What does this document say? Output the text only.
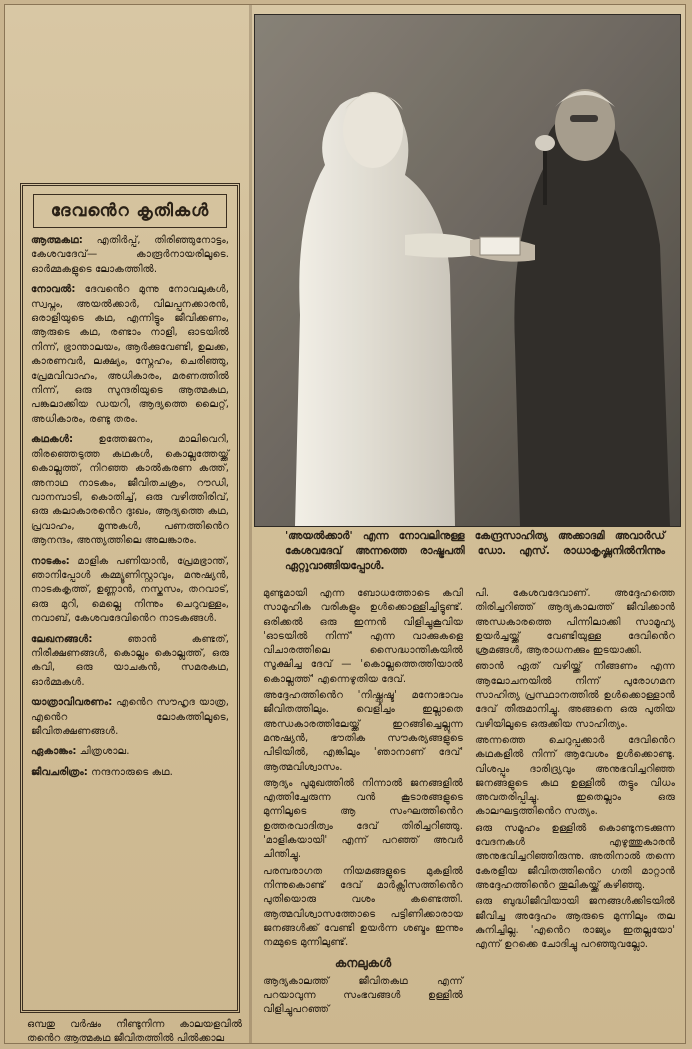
ദേവൻെറ കൃതികൾ

ആത്മകഥ: എതിർപ്പ്, തിരിഞ്ഞുനോട്ടം, കേശവദേവ്— കാരൂർനായരിലൂടെ. ഓർമ്മകളുടെ ലോകത്തിൽ.

നോവൽ: ദേവൻെറ മുന്നു നോവലുകൾ, സ്വപ്നം, അയൽക്കാർ, വിലപ്പനക്കാരൻ, ഒരാളിയുടെ കഥ, എന്നിട്ടും ജീവിക്കണം, ആരുടെ കഥ, രണ്ടാം നാളി, ഓടയിൽ നിന്ന്, ഭ്രാന്താലയം, ആർക്കുവേണ്ടി, ഉലക്ക, കാരണവർ, ലക്ഷ്യം, സ്നേഹം, ചെരിഞ്ഞു, പ്രേമവിവാഹം, അധികാരം, മരണത്തിൽ നിന്ന്, ഒരു സുന്ദരിയുടെ ആത്മകഥ, പങ്കലാക്കിയ ഡയറി, ആദ്യത്തെ ലൈറ്റ്, അധികാരം, രണ്ടു തരം.

കഥകൾ: ഉത്തേജനം, മാലിവെറി, തിരഞ്ഞെടുത്ത കഥകൾ, കൊല്ലത്തേയ്ക്ക് കൊല്ലത്ത്, നിറഞ്ഞ കാൽകരണ കത്ത്, അനാഥ നാടകം, ജീവിതചക്രം, റൗഡി, വാനമ്പാടി, കൊതിച്ച്, ഒരു വഴിത്തിരിവ്, ഒരു കലാകാരൻെറ ദുഃഖം, ആദ്യത്തെ കഥ, പ്രവാഹം, മൂന്നുകൾ, പണത്തിൻെറ ആനന്ദം, അന്ത്യത്തിലെ അലങ്കാരം.

നാടകം: മാളിക പണിയാൻ, പ്രേമഭ്രാന്ത്, ഞാനിപ്പോൾ കമ്മ്യൂണിസ്റ്റാവും, മനുഷ്യൻ, നാടകകൃത്ത്, ഉണ്ണാൻ, നസ്കസം, തറവാട്, ഒരു മുറി, മെല്ലെ നിന്നും ചെറുവള്ളം, നവാബ്, കേശവദേവിൻെറ നാടകങ്ങൾ.

ലേഖനങ്ങൾ:	ഞാൻ കണ്ടത്, നിരീക്ഷണങ്ങൾ, കൊല്ലം കൊല്ലത്ത്, ഒരു കവി, ഒരു യാചകൻ, സമരകഥ, ഓർമ്മകൾ.

യാത്രാവിവരണം: എൻെറ സൗഹൃദ യാത്ര, എൻെറ ലോകത്തിലൂടെ, ജീവിതക്ഷണങ്ങൾ.

ഏകാങ്കം: ചിത്രശാല.

ജീവചരിത്രം: നന്ദനാരുടെ കഥ.

ഒമ്പതു വർഷം നീണ്ടുനിന്ന കാലയളവിൽ തൻെറ ആത്മകഥ ജീവിതത്തിൽ പിൽക്കാല
'അയൽക്കാർ' എന്ന നോവലിനുള്ള കേന്ദ്രസാഹിത്യ അക്കാദമി അവാർഡ് കേശവദേവ് അന്നത്തെ രാഷ്ട്രപതി ഡോ. എസ്. രാധാകൃഷ്ണനിൽനിന്നും ഏറ്റുവാങ്ങിയപ്പോൾ.

മുണ്ടുമായി എന്ന ബോധത്തോടെ കവി സാമൂഹിക വരികളും ഉൾക്കൊള്ളിച്ചിട്ടുണ്ട്. ഒരിക്കൽ ഒരു ഇന്നൻ വിളിച്ചുകൂവിയ 'ഓടയിൽ നിന്ന്' എന്ന വാക്കുകളെ വിചാരത്തിലെ സൈദ്ധാന്തികയിൽ സൂക്ഷിച്ച ദേവ് — 'കൊല്ലത്തെത്തിയാൽ കൊല്ലത്ത്' എന്നെഴുതിയ ദേവ്.

അദ്ദേഹത്തിൻെറ 'നിഷ്ക്കൃഷ്ട' മനോഭാവം ജീവിതത്തിലും. വെളിച്ചം ഇല്ലാതെ അന്ധകാരത്തിലേയ്ക്ക് ഇറങ്ങിച്ചെല്ലുന്ന മനുഷ്യൻ, ഭൗതിക സൗകര്യങ്ങളുടെ പിടിയിൽ, എങ്കിലും 'ഞാനാണ് ദേവ്' ആത്മവിശ്വാസം.

ആദ്യം പൂമുഖത്തിൽ നിന്നാൽ ജനങ്ങളിൽ എത്തിച്ചേരുന്ന വൻ കൂടാരങ്ങളുടെ മുന്നിലൂടെ ആ സംഘത്തിൻെറ ഉത്തരവാദിത്വം ദേവ് തിരിച്ചറിഞ്ഞു. 'മാളികയായി' എന്ന് പറഞ്ഞ് അവർ ചിന്തിച്ചു.

പരമ്പരാഗത നിയമങ്ങളുടെ മുകളിൽ നിന്നുകൊണ്ട് ദേവ് മാർക്സിസത്തിൻെറ പുതിയൊരു വശം കണ്ടെത്തി. ആത്മവിശ്വാസത്തോടെ പട്ടിണിക്കാരായ ജനങ്ങൾക്ക് വേണ്ടി ഉയർന്ന ശബ്ദം ഇന്നും നമ്മുടെ മുന്നിലുണ്ട്.

കനലുകൾ

ആദ്യകാലത്ത് ജീവിതകഥ എന്ന് പറയാവുന്ന സംഭവങ്ങൾ ഉള്ളിൽ വിളിച്ചുപറഞ്ഞ്

പി. കേശവദേവാണ്. അദ്ദേഹത്തെ തിരിച്ചറിഞ്ഞ് ആദ്യകാലത്ത് ജീവിക്കാൻ അന്ധകാരത്തെ പിന്നിലാക്കി സാമൂഹ്യ ഉയർച്ചയ്ക്ക് വേണ്ടിയുള്ള ദേവിൻെറ ശ്രമങ്ങൾ, ആരാധനക്കും ഇടയാക്കി.

ഞാൻ ഏത് വഴിയ്ക്ക് നീങ്ങണം എന്ന ആലോചനയിൽ നിന്ന് പുരോഗമന സാഹിത്യ പ്രസ്ഥാനത്തിൽ ഉൾക്കൊള്ളാൻ ദേവ് തീരുമാനിച്ചു. അങ്ങനെ ഒരു പുതിയ വഴിയിലൂടെ ഒരുക്കിയ സാഹിത്യം.

അന്നത്തെ ചെറുപ്പക്കാർ ദേവിൻെറ കഥകളിൽ നിന്ന് ആവേശം ഉൾക്കൊണ്ടു. വിശപ്പും ദാരിദ്ര്യവും അനുഭവിച്ചറിഞ്ഞ ജനങ്ങളുടെ കഥ ഉള്ളിൽ തട്ടും വിധം അവതരിപ്പിച്ചു. ഇതെല്ലാം ഒരു കാലഘട്ടത്തിൻെറ സത്യം.

ഒരു സമൂഹം ഉള്ളിൽ കൊണ്ടുനടക്കുന്ന വേദനകൾ എഴുത്തുകാരൻ അനുഭവിച്ചറിഞ്ഞിരുന്നു. അതിനാൽ തന്നെ കേരളീയ ജീവിതത്തിൻെറ ഗതി മാറ്റാൻ അദ്ദേഹത്തിൻെറ തൂലികയ്ക്ക് കഴിഞ്ഞു.

ഒരു ബുദ്ധിജീവിയായി ജനങ്ങൾക്കിടയിൽ ജീവിച്ച അദ്ദേഹം ആരുടെ മുന്നിലും തല കുനിച്ചില്ല. 'എൻെറ രാജ്യം ഇതല്ലയോ' എന്ന് ഉറക്കെ ചോദിച്ചു പറഞ്ഞുവല്ലോ.
